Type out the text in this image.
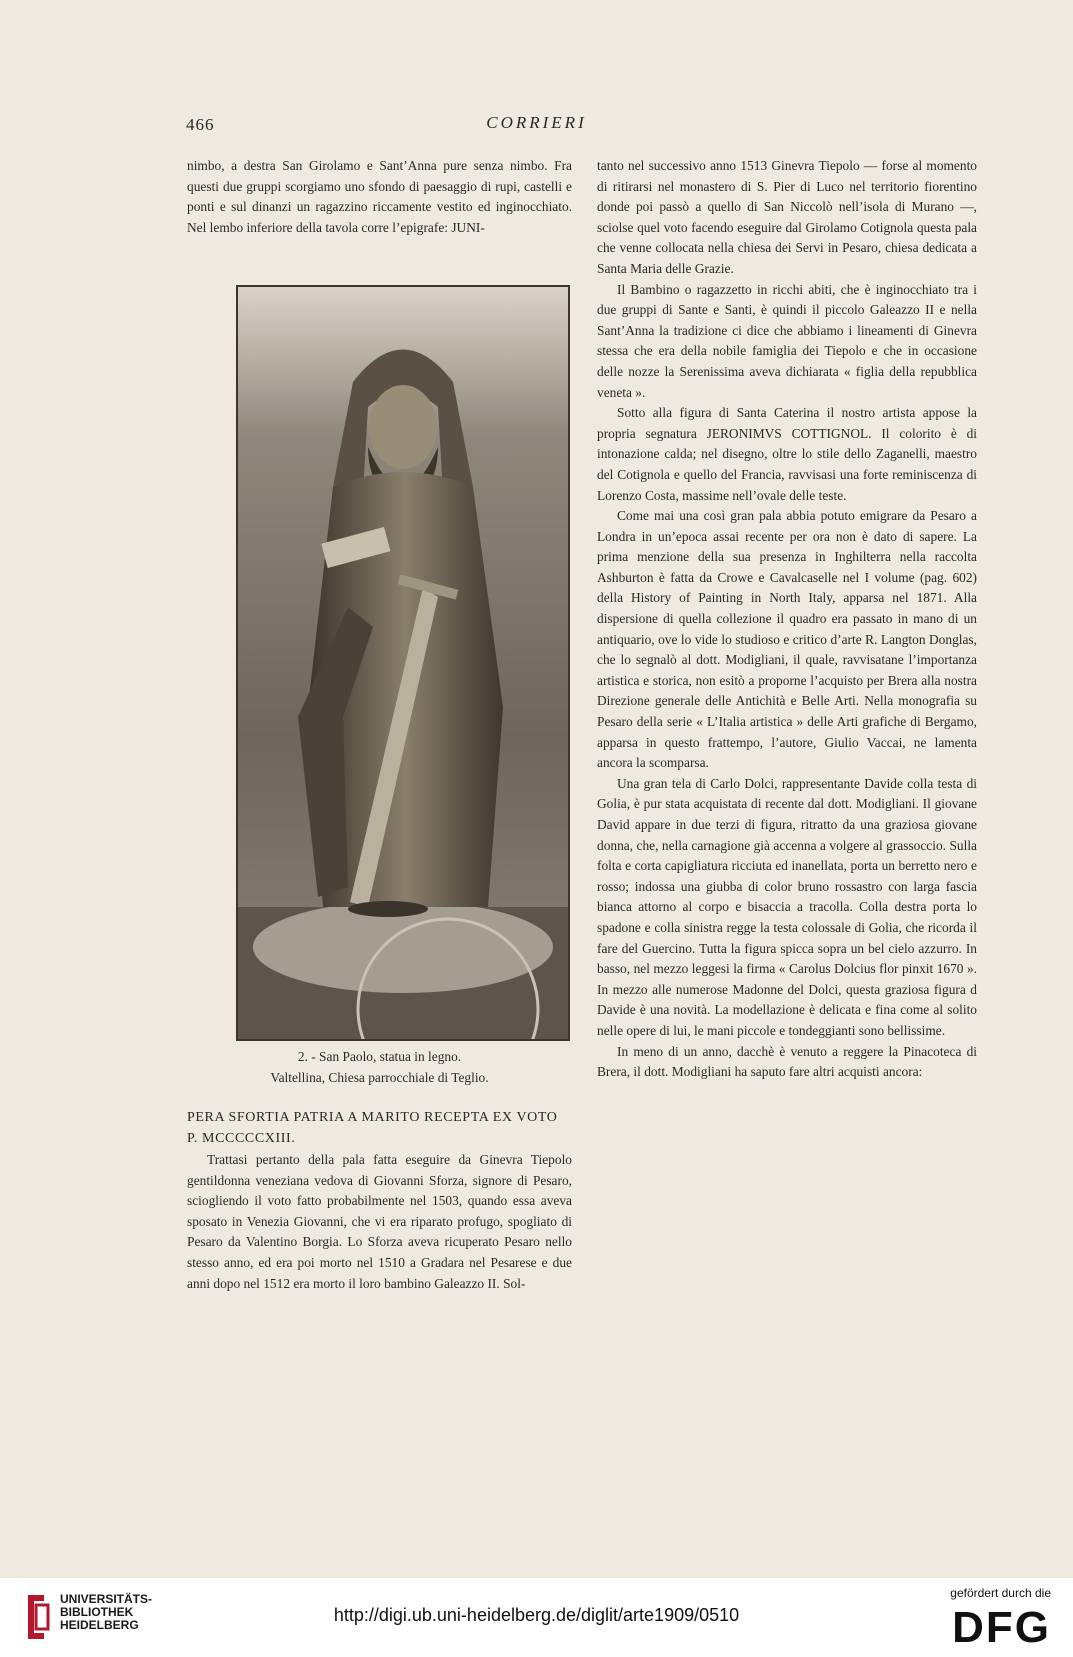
466	CORRIERI

nimbo, a destra San Girolamo e Sant’Anna pure senza nimbo. Fra questi due gruppi scorgiamo uno sfondo di paesaggio di rupi, castelli e ponti e sul dinanzi un ragazzino riccamente vestito ed inginocchiato. Nel lembo inferiore della tavola corre l’epigrafe: JUNI-

2. - San Paolo, statua in legno.
Valtellina, Chiesa parrocchiale di Teglio.
PERA SFORTIA PATRIA A MARITO RECEPTA EX VOTO P. MCCCCCXIII.

Trattasi pertanto della pala fatta eseguire da Ginevra Tiepolo gentildonna veneziana vedova di Giovanni Sforza, signore di Pesaro, sciogliendo il voto fatto probabilmente nel 1503, quando essa aveva sposato in Venezia Giovanni, che vi era riparato profugo, spogliato di Pesaro da Valentino Borgia. Lo Sforza aveva ricuperato Pesaro nello stesso anno, ed era poi morto nel 1510 a Gradara nel Pesarese e due anni dopo nel 1512 era morto il loro bambino Galeazzo II. Sol-

tanto nel successivo anno 1513 Ginevra Tiepolo — forse al momento di ritirarsi nel monastero di S. Pier di Luco nel territorio fiorentino donde poi passò a quello di San Niccolò nell’isola di Murano —, sciolse quel voto facendo eseguire dal Girolamo Cotignola questa pala che venne collocata nella chiesa dei Servi in Pesaro, chiesa dedicata a Santa Maria delle Grazie.

Il Bambino o ragazzetto in ricchi abiti, che è inginocchiato tra i due gruppi di Sante e Santi, è quindi il piccolo Galeazzo II e nella Sant’Anna la tradizione ci dice che abbiamo i lineamenti di Ginevra stessa che era della nobile famiglia dei Tiepolo e che in occasione delle nozze la Serenissima aveva dichiarata « figlia della repubblica veneta ».

Sotto alla figura di Santa Caterina il nostro artista appose la propria segnatura JERONIMVS COTTIGNOL. Il colorito è di intonazione calda; nel disegno, oltre lo stile dello Zaganelli, maestro del Cotignola e quello del Francia, ravvisasi una forte reminiscenza di Lorenzo Costa, massime nell’ovale delle teste.

Come mai una così gran pala abbia potuto emigrare da Pesaro a Londra in un’epoca assai recente per ora non è dato di sapere. La prima menzione della sua presenza in Inghilterra nella raccolta Ashburton è fatta da Crowe e Cavalcaselle nel I volume (pag. 602) della History of Painting in North Italy, apparsa nel 1871. Alla dispersione di quella collezione il quadro era passato in mano di un antiquario, ove lo vide lo studioso e critico d’arte R. Langton Donglas, che lo segnalò al dott. Modigliani, il quale, ravvisatane l’importanza artistica e storica, non esitò a proporne l’acquisto per Brera alla nostra Direzione generale delle Antichità e Belle Arti. Nella monografia su Pesaro della serie « L’Italia artistica » delle Arti grafiche di Bergamo, apparsa in questo frattempo, l’autore, Giulio Vaccai, ne lamenta ancora la scomparsa.

Una gran tela di Carlo Dolci, rappresentante Davide colla testa di Golia, è pur stata acquistata di recente dal dott. Modigliani. Il giovane David appare in due terzi di figura, ritratto da una graziosa giovane donna, che, nella carnagione già accenna a volgere al grassoccio. Sulla folta e corta capigliatura ricciuta ed inanellata, porta un berretto nero e rosso; indossa una giubba di color bruno rossastro con larga fascia bianca attorno al corpo e bisaccia a tracolla. Colla destra porta lo spadone e colla sinistra regge la testa colossale di Golia, che ricorda il fare del Guercino. Tutta la figura spicca sopra un bel cielo azzurro. In basso, nel mezzo leggesi la firma « Carolus Dolcius flor pinxit 1670 ». In mezzo alle numerose Madonne del Dolci, questa graziosa figura d Davide è una novità. La modellazione è delicata e fina come al solito nelle opere di lui, le mani piccole e tondeggianti sono bellissime.

In meno di un anno, dacchè è venuto a reggere la Pinacoteca di Brera, il dott. Modigliani ha saputo fare altri acquisti ancora:

UNIVERSITÄTS-
BIBLIOTHEK
HEIDELBERG	http://digi.ub.uni-heidelberg.de/diglit/arte1909/0510
gefördert durch die
DFG
